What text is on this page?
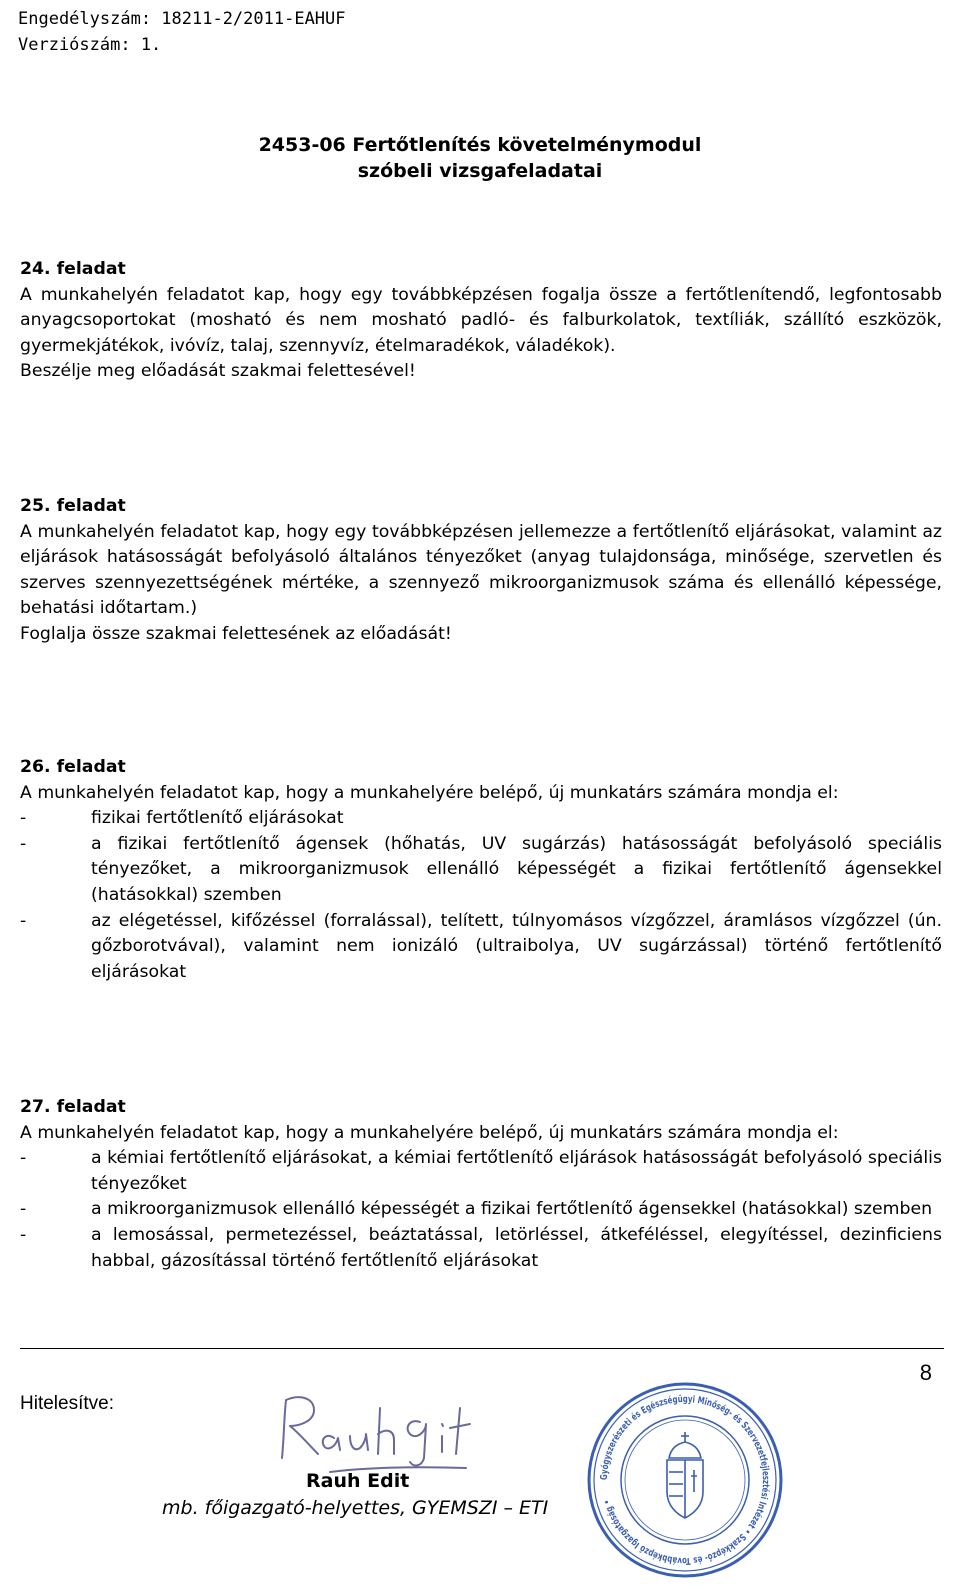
Engedélyszám: 18211-2/2011-EAHUF
Verziószám: 1.
2453-06 Fertőtlenítés követelménymodul
szóbeli vizsgafeladatai
24. feladat

A munkahelyén feladatot kap, hogy egy továbbképzésen fogalja össze a fertőtlenítendő, legfontosabb anyagcsoportokat (mosható és nem mosható padló- és falburkolatok, textíliák, szállító eszközök, gyermekjátékok, ivóvíz, talaj, szennyvíz, ételmaradékok, váladékok).

Beszélje meg előadását szakmai felettesével!

25. feladat

A munkahelyén feladatot kap, hogy egy továbbképzésen jellemezze a fertőtlenítő eljárásokat, valamint az eljárások hatásosságát befolyásoló általános tényezőket (anyag tulajdonsága, minősége, szervetlen és szerves szennyezettségének mértéke, a szennyező mikroorganizmusok száma és ellenálló képessége, behatási időtartam.)

Foglalja össze szakmai felettesének az előadását!

26. feladat

A munkahelyén feladatot kap, hogy a munkahelyére belépő, új munkatárs számára mondja el:

-	fizikai fertőtlenítő eljárásokat
-	a fizikai fertőtlenítő ágensek (hőhatás, UV sugárzás) hatásosságát befolyásoló speciális tényezőket, a mikroorganizmusok ellenálló képességét a fizikai fertőtlenítő ágensekkel (hatásokkal) szemben
-	az elégetéssel, kifőzéssel (forralással), telített, túlnyomásos vízgőzzel, áramlásos vízgőzzel (ún. gőzborotvával), valamint nem ionizáló (ultraibolya, UV sugárzással) történő fertőtlenítő eljárásokat
27. feladat

A munkahelyén feladatot kap, hogy a munkahelyére belépő, új munkatárs számára mondja el:

-	a kémiai fertőtlenítő eljárásokat, a kémiai fertőtlenítő eljárások hatásosságát befolyásoló speciális tényezőket
-	a mikroorganizmusok ellenálló képességét a fizikai fertőtlenítő ágensekkel (hatásokkal) szemben
-	a lemosással, permetezéssel, beáztatással, letörléssel, átkeféléssel, elegyítéssel, dezinficiens habbal, gázosítással történő fertőtlenítő eljárásokat
8
Hitelesítve:
Rauh Edit
mb. főigazgató-helyettes, GYEMSZI – ETI
Gyógyszerészeti és Egészségügyi Minőség- és Szervezetfejlesztési Intézet • Szakképző- és Továbbképző Igazgatóság •
